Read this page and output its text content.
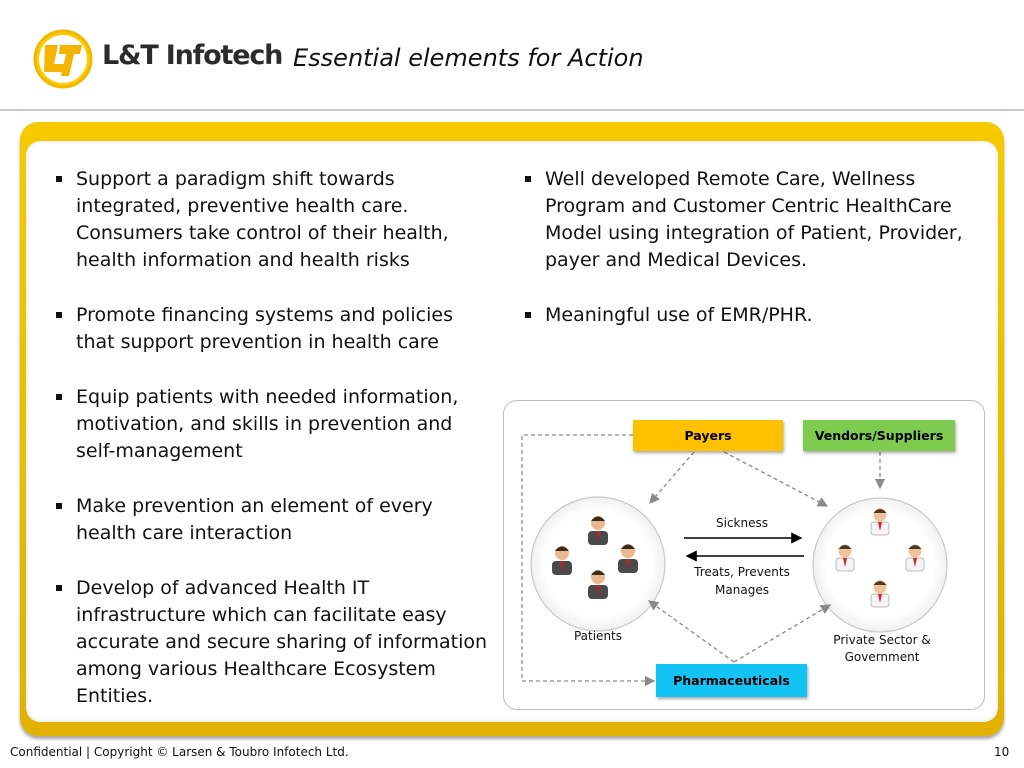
L&T Infotech Essential elements for Action
Support a paradigm shift towards integrated, preventive health care. Consumers take control of their health, health information and health risks
Promote financing systems and policies that support prevention in health care
Equip patients with needed information, motivation, and skills in prevention and self-management
Make prevention an element of every health care interaction
Develop of advanced Health IT infrastructure which can facilitate easy accurate and secure sharing of information among various Healthcare Ecosystem Entities.
Well developed Remote Care, Wellness Program and Customer Centric HealthCare Model using integration of Patient, Provider, payer and Medical Devices.
Meaningful use of EMR/PHR.
Payers	Vendors/Suppliers
Pharmaceuticals
Sickness
Treats, Prevents
Manages
Patients	Private Sector & Government
Confidential | Copyright © Larsen & Toubro Infotech Ltd.	10
